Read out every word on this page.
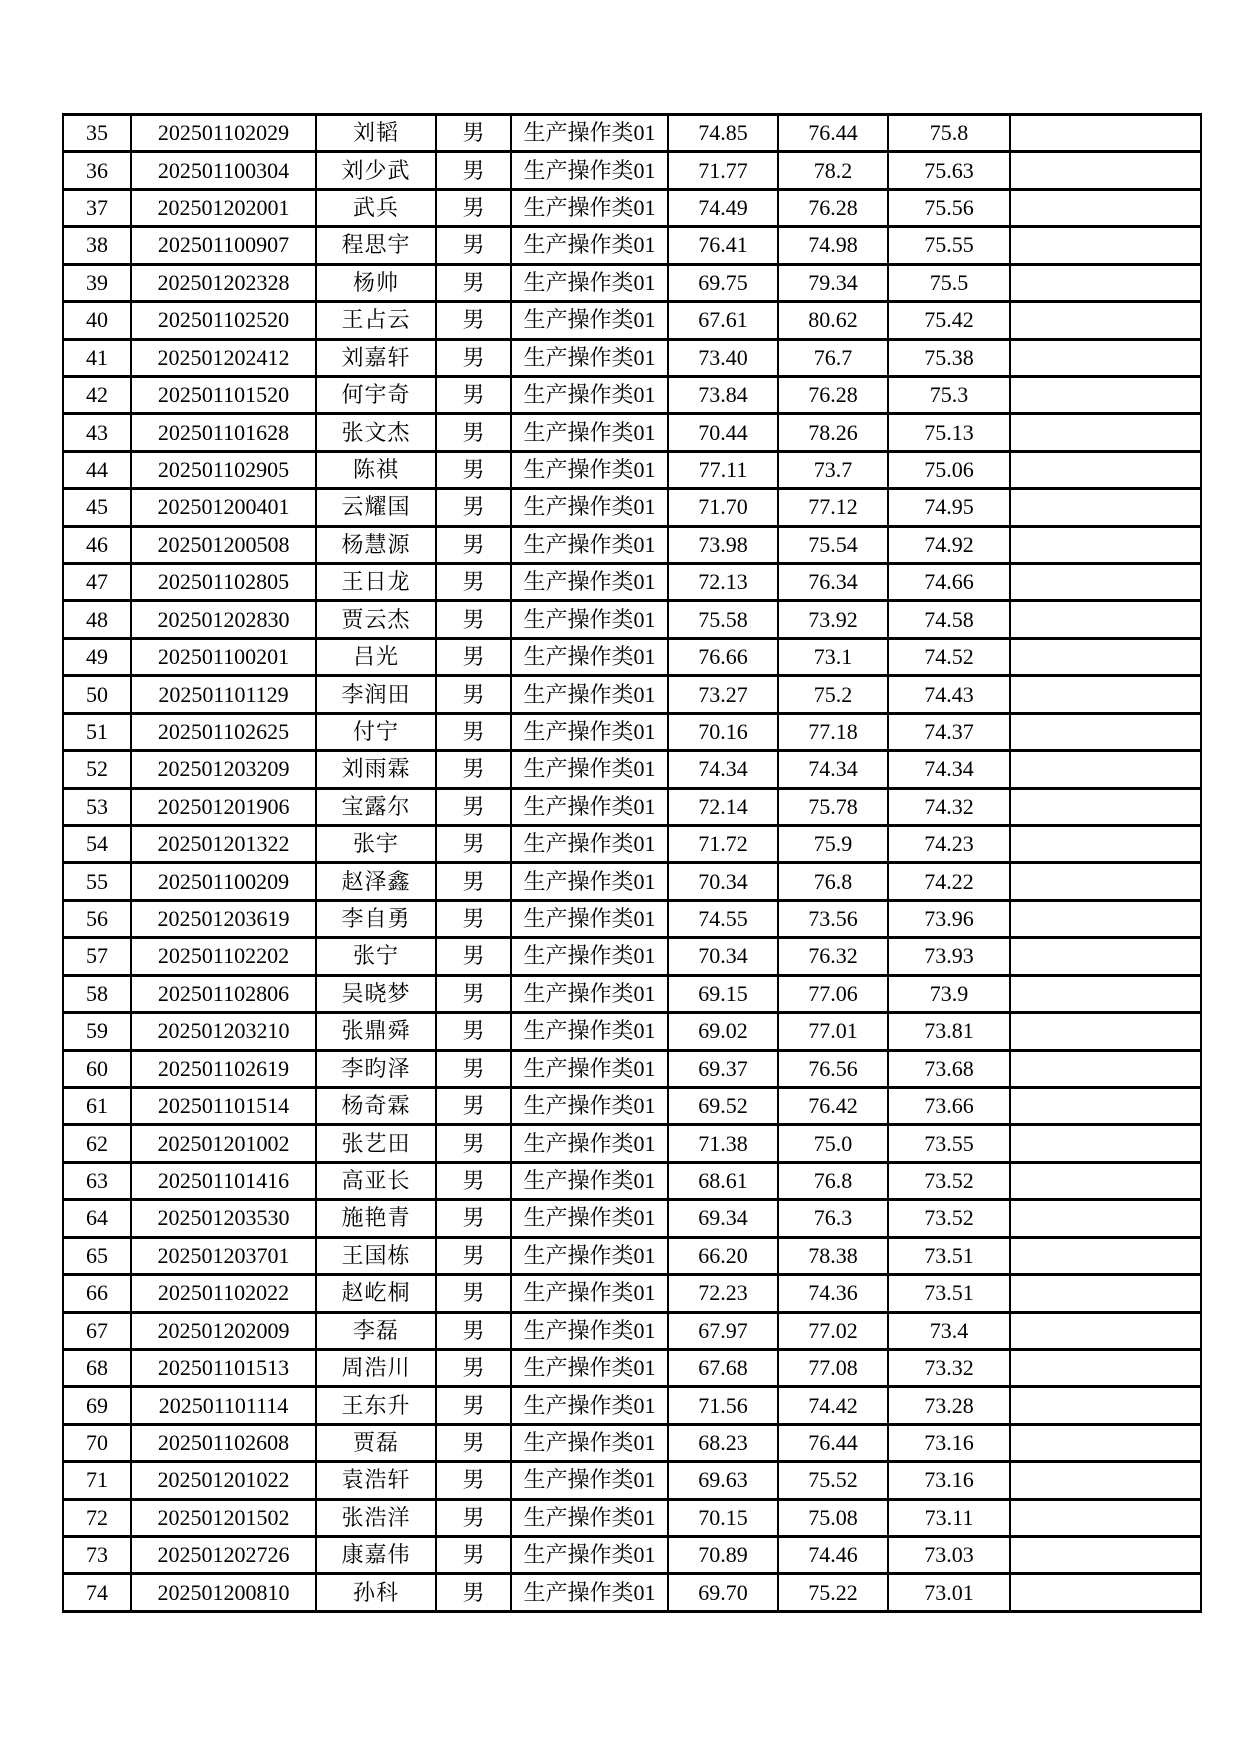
35	202501102029	刘韬	男	生产操作类01	74.85	76.44	75.8	
36	202501100304	刘少武	男	生产操作类01	71.77	78.2	75.63	
37	202501202001	武兵	男	生产操作类01	74.49	76.28	75.56	
38	202501100907	程思宇	男	生产操作类01	76.41	74.98	75.55	
39	202501202328	杨帅	男	生产操作类01	69.75	79.34	75.5	
40	202501102520	王占云	男	生产操作类01	67.61	80.62	75.42	
41	202501202412	刘嘉轩	男	生产操作类01	73.40	76.7	75.38	
42	202501101520	何宇奇	男	生产操作类01	73.84	76.28	75.3	
43	202501101628	张文杰	男	生产操作类01	70.44	78.26	75.13	
44	202501102905	陈祺	男	生产操作类01	77.11	73.7	75.06	
45	202501200401	云耀国	男	生产操作类01	71.70	77.12	74.95	
46	202501200508	杨慧源	男	生产操作类01	73.98	75.54	74.92	
47	202501102805	王日龙	男	生产操作类01	72.13	76.34	74.66	
48	202501202830	贾云杰	男	生产操作类01	75.58	73.92	74.58	
49	202501100201	吕光	男	生产操作类01	76.66	73.1	74.52	
50	202501101129	李润田	男	生产操作类01	73.27	75.2	74.43	
51	202501102625	付宁	男	生产操作类01	70.16	77.18	74.37	
52	202501203209	刘雨霖	男	生产操作类01	74.34	74.34	74.34	
53	202501201906	宝露尔	男	生产操作类01	72.14	75.78	74.32	
54	202501201322	张宇	男	生产操作类01	71.72	75.9	74.23	
55	202501100209	赵泽鑫	男	生产操作类01	70.34	76.8	74.22	
56	202501203619	李自勇	男	生产操作类01	74.55	73.56	73.96	
57	202501102202	张宁	男	生产操作类01	70.34	76.32	73.93	
58	202501102806	吴晓梦	男	生产操作类01	69.15	77.06	73.9	
59	202501203210	张鼎舜	男	生产操作类01	69.02	77.01	73.81	
60	202501102619	李昀泽	男	生产操作类01	69.37	76.56	73.68	
61	202501101514	杨奇霖	男	生产操作类01	69.52	76.42	73.66	
62	202501201002	张艺田	男	生产操作类01	71.38	75.0	73.55	
63	202501101416	高亚长	男	生产操作类01	68.61	76.8	73.52	
64	202501203530	施艳青	男	生产操作类01	69.34	76.3	73.52	
65	202501203701	王国栋	男	生产操作类01	66.20	78.38	73.51	
66	202501102022	赵屹桐	男	生产操作类01	72.23	74.36	73.51	
67	202501202009	李磊	男	生产操作类01	67.97	77.02	73.4	
68	202501101513	周浩川	男	生产操作类01	67.68	77.08	73.32	
69	202501101114	王东升	男	生产操作类01	71.56	74.42	73.28	
70	202501102608	贾磊	男	生产操作类01	68.23	76.44	73.16	
71	202501201022	袁浩轩	男	生产操作类01	69.63	75.52	73.16	
72	202501201502	张浩洋	男	生产操作类01	70.15	75.08	73.11	
73	202501202726	康嘉伟	男	生产操作类01	70.89	74.46	73.03	
74	202501200810	孙科	男	生产操作类01	69.70	75.22	73.01	
